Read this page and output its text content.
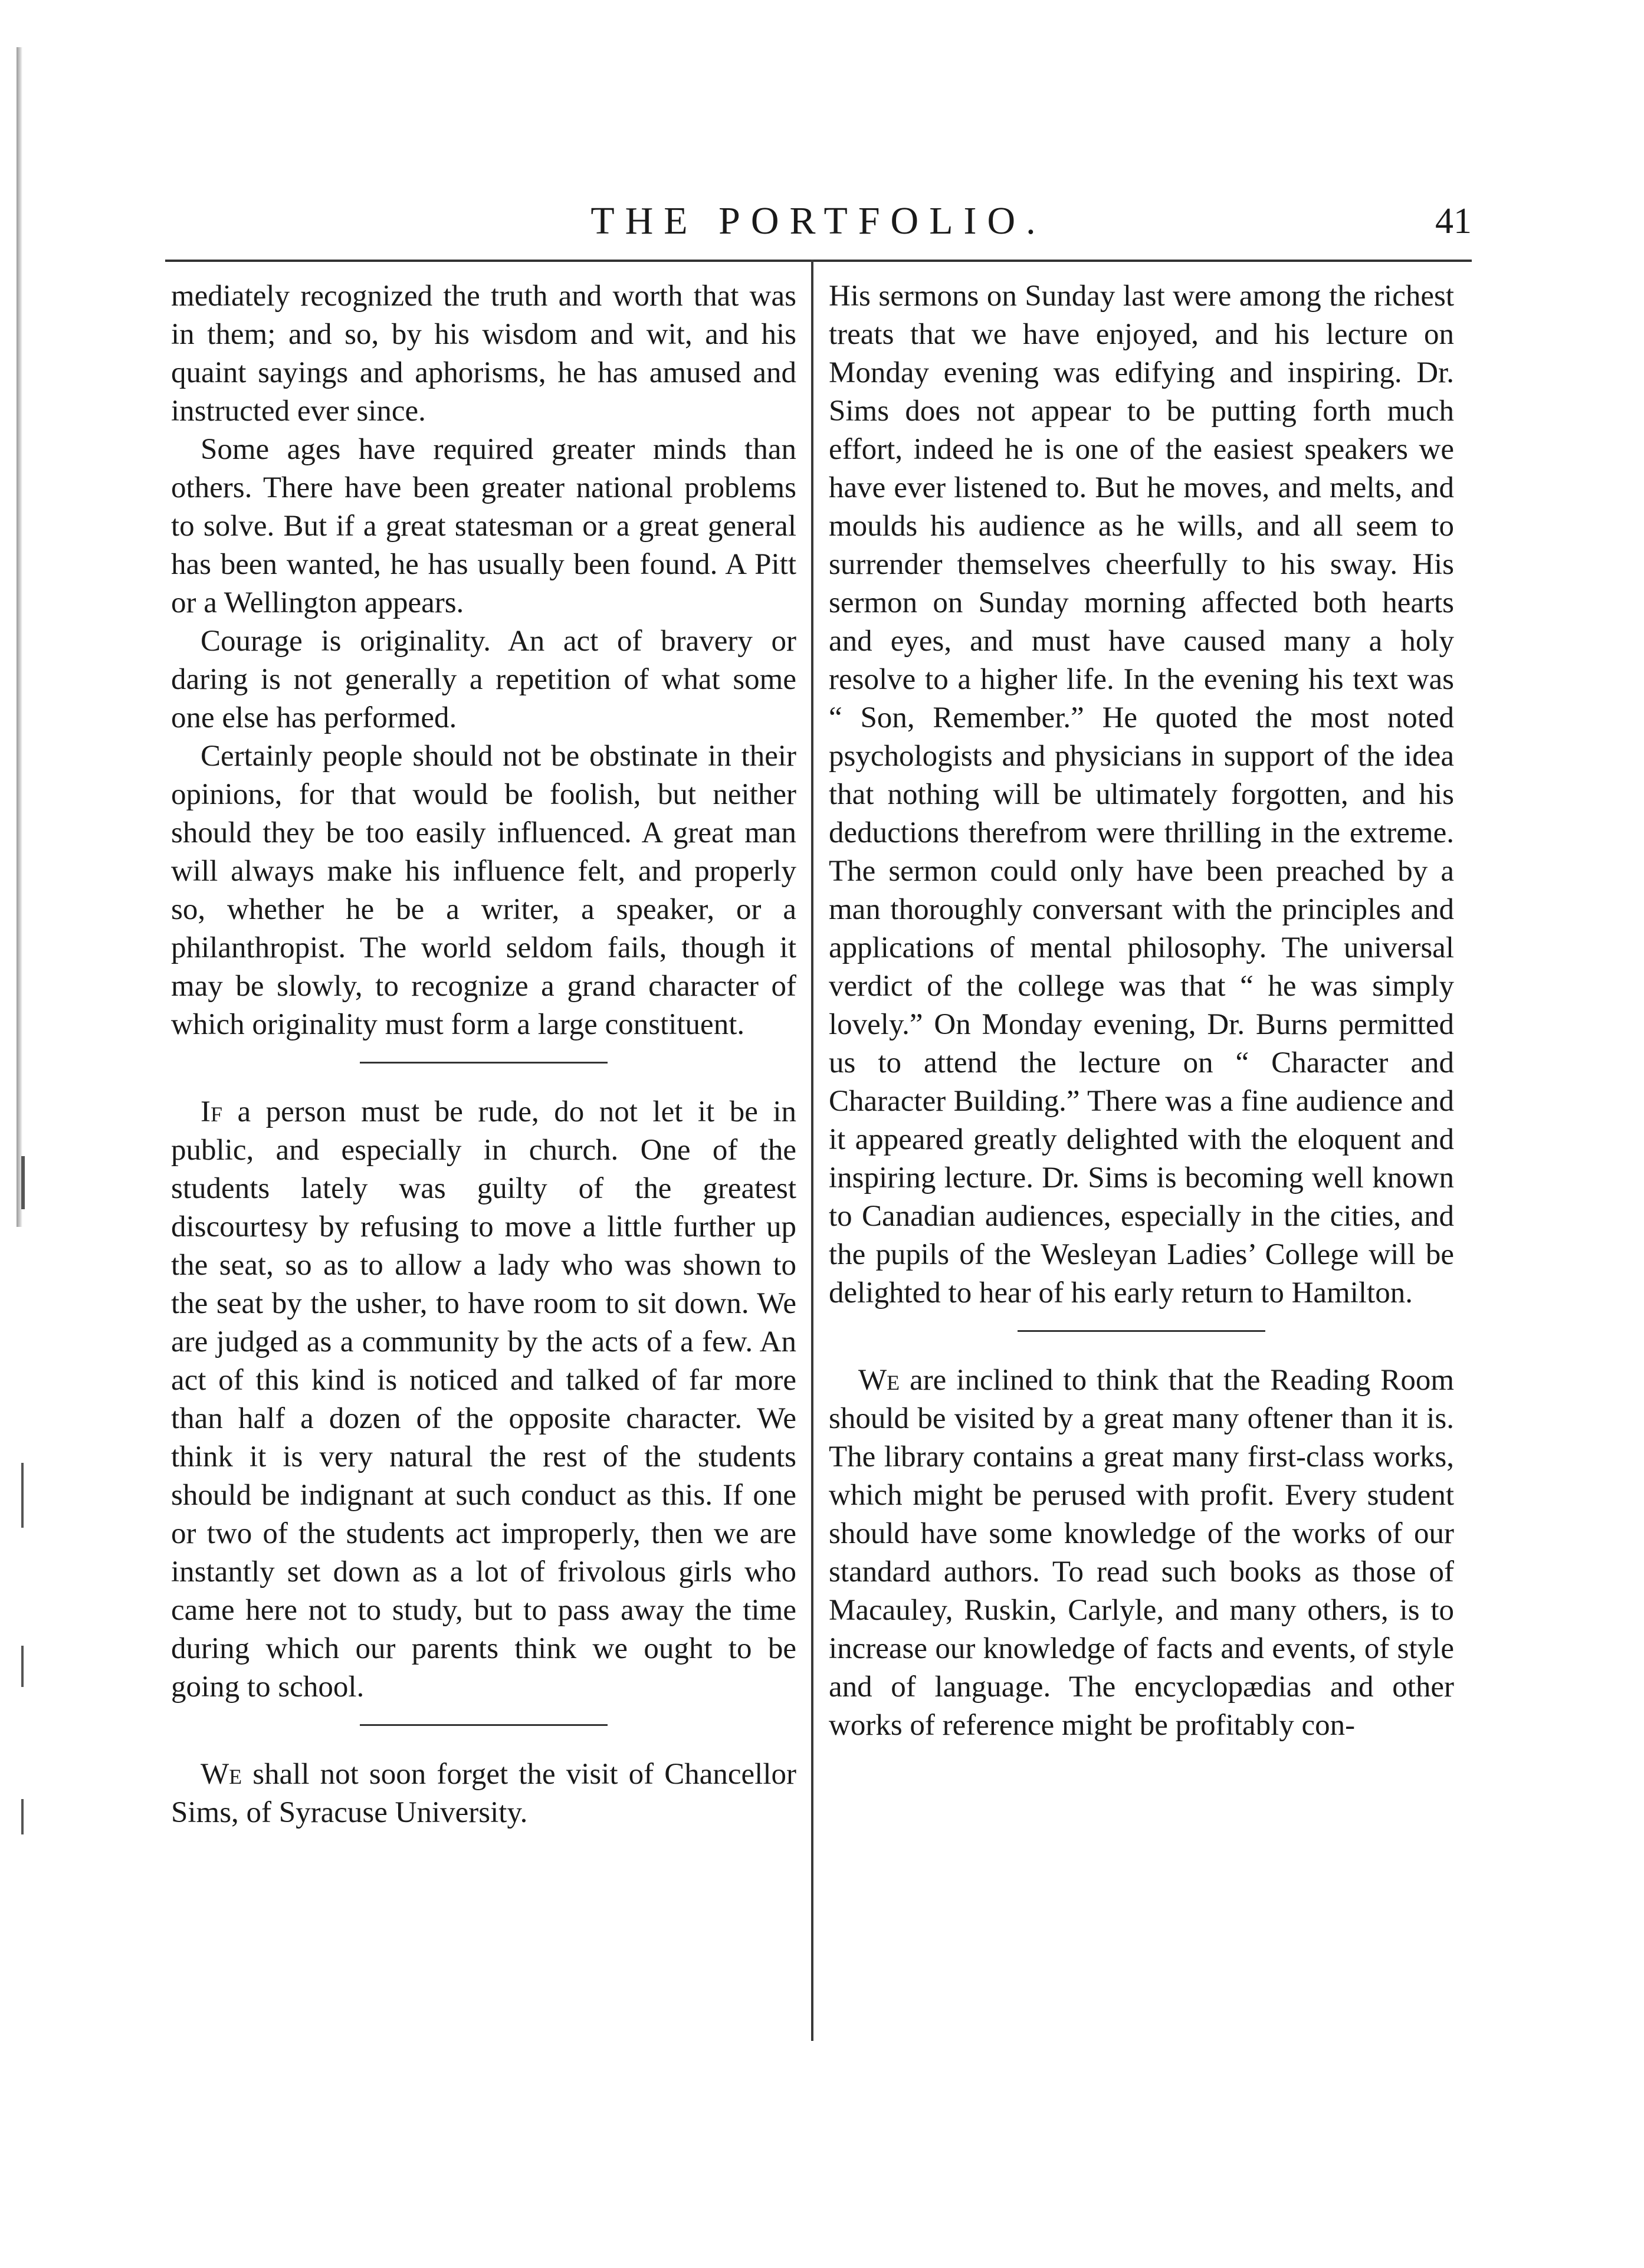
THE PORTFOLIO.	41

mediately recognized the truth and worth that was in them; and so, by his wisdom and wit, and his quaint sayings and aphorisms, he has amused and instructed ever since.

Some ages have required greater minds than others. There have been greater national problems to solve. But if a great statesman or a great general has been wanted, he has usually been found. A Pitt or a Wellington appears.

Courage is originality. An act of bravery or daring is not generally a repetition of what some one else has performed.

Certainly people should not be obstinate in their opinions, for that would be foolish, but neither should they be too easily influenced. A great man will always make his influence felt, and properly so, whether he be a writer, a speaker, or a philanthropist. The world seldom fails, though it may be slowly, to recognize a grand character of which originality must form a large constituent.

If a person must be rude, do not let it be in public, and especially in church. One of the students lately was guilty of the greatest discourtesy by refusing to move a little further up the seat, so as to allow a lady who was shown to the seat by the usher, to have room to sit down. We are judged as a community by the acts of a few. An act of this kind is noticed and talked of far more than half a dozen of the opposite character. We think it is very natural the rest of the students should be indignant at such conduct as this. If one or two of the students act improperly, then we are instantly set down as a lot of frivolous girls who came here not to study, but to pass away the time during which our parents think we ought to be going to school.

We shall not soon forget the visit of Chancellor Sims, of Syracuse University.

His sermons on Sunday last were among the richest treats that we have enjoyed, and his lecture on Monday evening was edifying and inspiring. Dr. Sims does not appear to be putting forth much effort, indeed he is one of the easiest speakers we have ever listened to. But he moves, and melts, and moulds his audience as he wills, and all seem to surrender themselves cheerfully to his sway. His sermon on Sunday morning affected both hearts and eyes, and must have caused many a holy resolve to a higher life. In the evening his text was “ Son, Remember.” He quoted the most noted psychologists and physicians in support of the idea that nothing will be ultimately forgotten, and his deductions therefrom were thrilling in the extreme. The sermon could only have been preached by a man thoroughly conversant with the principles and applications of mental philosophy. The universal verdict of the college was that “ he was simply lovely.” On Monday evening, Dr. Burns permitted us to attend the lecture on “ Character and Character Building.” There was a fine audience and it appeared greatly delighted with the eloquent and inspiring lecture. Dr. Sims is becoming well known to Canadian audiences, especially in the cities, and the pupils of the Wesleyan Ladies’ College will be delighted to hear of his early return to Hamilton.

We are inclined to think that the Reading Room should be visited by a great many oftener than it is. The library contains a great many first-class works, which might be perused with profit. Every student should have some knowledge of the works of our standard authors. To read such books as those of Macauley, Ruskin, Carlyle, and many others, is to increase our knowledge of facts and events, of style and of language. The encyclopædias and other works of reference might be profitably con-
